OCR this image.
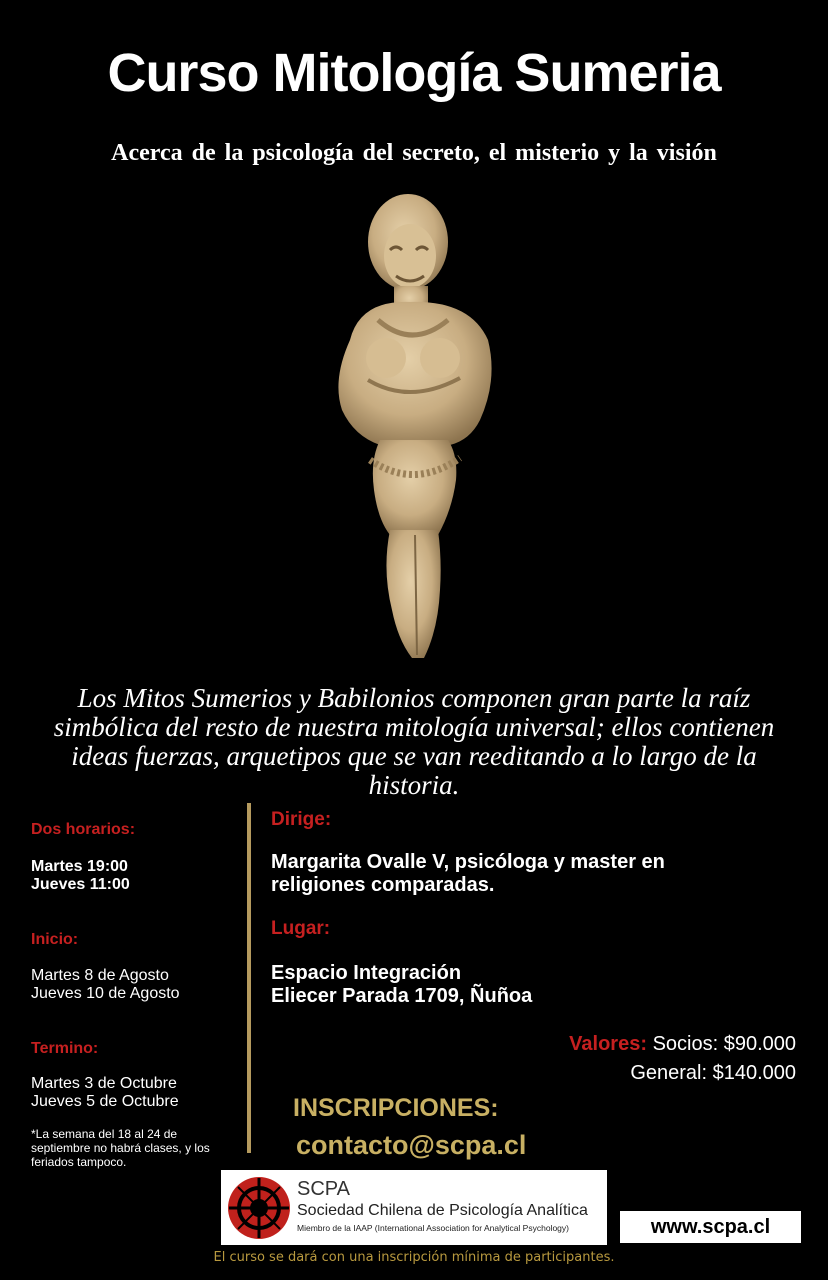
Curso Mitología Sumeria
Acerca de la psicología del secreto, el misterio y la visión
Los Mitos Sumerios y Babilonios componen gran parte la raíz simbólica del resto de nuestra mitología universal; ellos contienen ideas fuerzas, arquetipos que se van reeditando a lo largo de la historia.
Dos horarios:
Martes 19:00
Jueves 11:00
Inicio:
Martes 8 de Agosto
Jueves 10 de Agosto
Termino:
Martes 3 de Octubre
Jueves 5 de Octubre
*La semana del 18 al 24 de septiembre no habrá clases, y los feriados tampoco.
Dirige:
Margarita Ovalle V, psicóloga y master en religiones comparadas.
Lugar:
Espacio Integración
Eliecer Parada 1709, Ñuñoa
Valores: Socios: $90.000
General: $140.000
INSCRIPCIONES:
contacto@scpa.cl
SCPA
Sociedad Chilena de Psicología Analítica
Miembro de la IAAP (International Association for Analytical Psychology)	www.scpa.cl
El curso se dará con una inscripción mínima de participantes.
